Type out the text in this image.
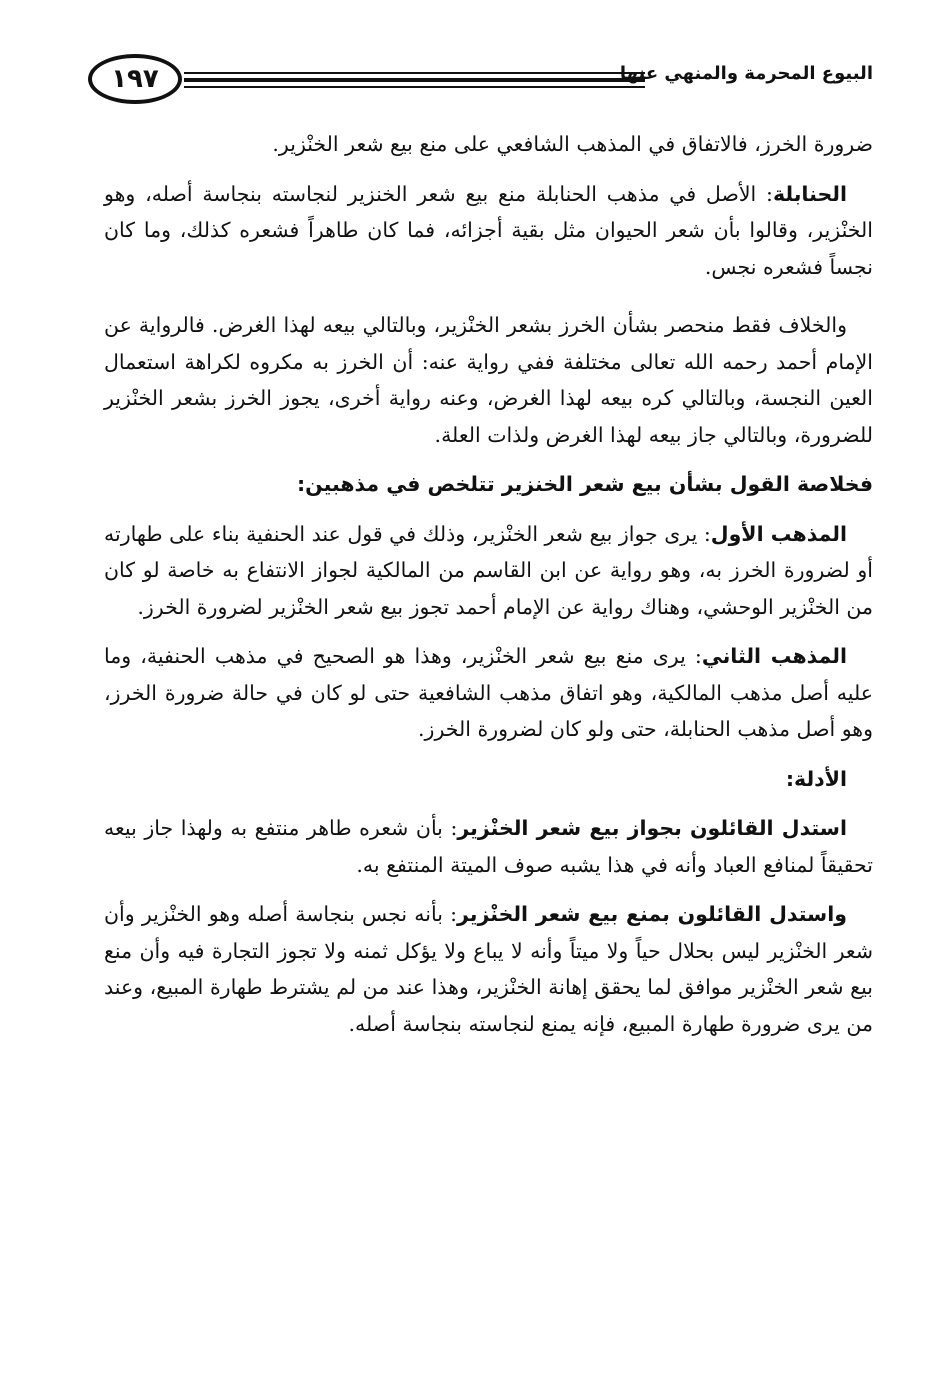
١٩٧	البيوع المحرمة والمنهي عنها

ضرورة الخرز، فالاتفاق في المذهب الشافعي على منع بيع شعر الخنْزير.

الحنابلة: الأصل في مذهب الحنابلة منع بيع شعر الخنزير لنجاسته بنجاسة أصله، وهو الخنْزير، وقالوا بأن شعر الحيوان مثل بقية أجزائه، فما كان طاهراً فشعره كذلك، وما كان نجساً فشعره نجس.

والخلاف فقط منحصر بشأن الخرز بشعر الخنْزير، وبالتالي بيعه لهذا الغرض. فالرواية عن الإمام أحمد رحمه الله تعالى مختلفة ففي رواية عنه: أن الخرز به مكروه لكراهة استعمال العين النجسة، وبالتالي كره بيعه لهذا الغرض، وعنه رواية أخرى، يجوز الخرز بشعر الخنْزير للضرورة، وبالتالي جاز بيعه لهذا الغرض ولذات العلة.

فخلاصة القول بشأن بيع شعر الخنزير تتلخص في مذهبين:

المذهب الأول: يرى جواز بيع شعر الخنْزير، وذلك في قول عند الحنفية بناء على طهارته أو لضرورة الخرز به، وهو رواية عن ابن القاسم من المالكية لجواز الانتفاع به خاصة لو كان من الخنْزير الوحشي، وهناك رواية عن الإمام أحمد تجوز بيع شعر الخنْزير لضرورة الخرز.

المذهب الثاني: يرى منع بيع شعر الخنْزير، وهذا هو الصحيح في مذهب الحنفية، وما عليه أصل مذهب المالكية، وهو اتفاق مذهب الشافعية حتى لو كان في حالة ضرورة الخرز، وهو أصل مذهب الحنابلة، حتى ولو كان لضرورة الخرز.

الأدلة:

استدل القائلون بجواز بيع شعر الخنْزير: بأن شعره طاهر منتفع به ولهذا جاز بيعه تحقيقاً لمنافع العباد وأنه في هذا يشبه صوف الميتة المنتفع به.

واستدل القائلون بمنع بيع شعر الخنْزير: بأنه نجس بنجاسة أصله وهو الخنْزير وأن شعر الخنْزير ليس بحلال حياً ولا ميتاً وأنه لا يباع ولا يؤكل ثمنه ولا تجوز التجارة فيه وأن منع بيع شعر الخنْزير موافق لما يحقق إهانة الخنْزير، وهذا عند من لم يشترط طهارة المبيع، وعند من يرى ضرورة طهارة المبيع، فإنه يمنع لنجاسته بنجاسة أصله.
